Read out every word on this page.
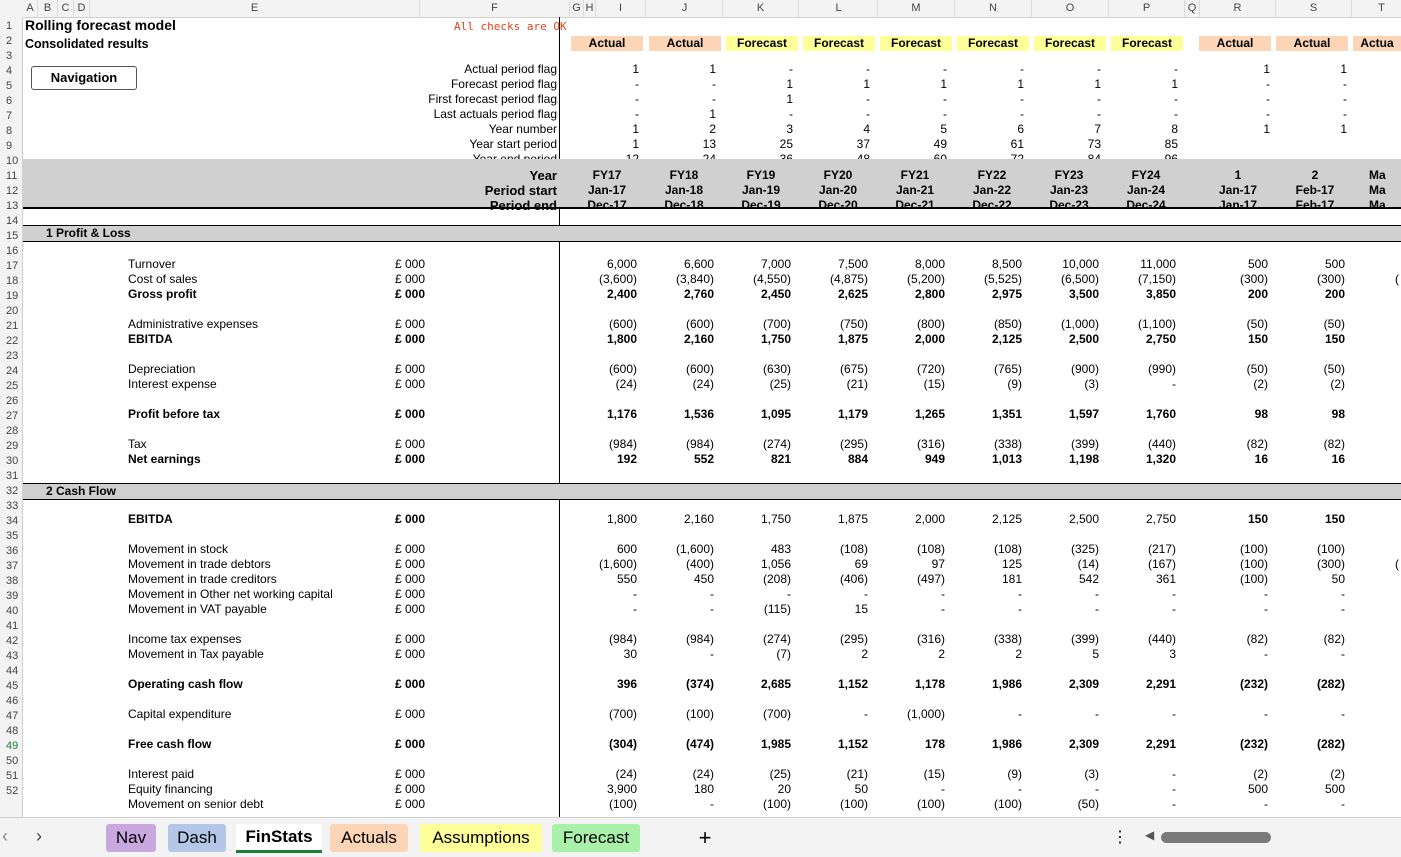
A B C D	E	F	G H	I	J	K	L	M	N	O	P	Q	R	S	T
1
2
3
4
5
6
7
8
9
10
11
12
13
14
15
16
17
18
19
20
21
22
23
24
25
26
27
28
29
30
31
32
33
34
35
36
37
38
39
40
41
42
43
44
45
46
47
48
49
50
51
52
Rolling forecast model
Consolidated results
All checks are OK
Navigation
Actual	Actual	Forecast	Forecast	Forecast	Forecast	Forecast	Forecast	Actual	Actual	Actua
Actual period flag	1	1	-	-	-	-	-	-	1	1
Forecast period flag	-	-	1	1	1	1	1	1	-	-
First forecast period flag	-	-	1	-	-	-	-	-	-	-
Last actuals period flag	-	1	-	-	-	-	-	-	-	-
Year number	1	2	3	4	5	6	7	8	1	1
Year start period	1	13	25	37	49	61	73	85
Year	FY17	FY18	FY19	FY20	FY21	FY22	FY23	FY24	1	2	Ma
Period start	Jan-17	Jan-18	Jan-19	Jan-20	Jan-21	Jan-22	Jan-23	Jan-24	Jan-17	Feb-17	Ma
Period end	Dec-17	Dec-18	Dec-19	Dec-20	Dec-21	Dec-22	Dec-23	Dec-24	Jan-17	Feb-17	Ma
1 Profit & Loss
2 Cash Flow
Turnover	£ 000	6,000	6,600	7,000	7,500	8,000	8,500	10,000	11,000	500	500
Cost of sales	£ 000	(3,600)	(3,840)	(4,550)	(4,875)	(5,200)	(5,525)	(6,500)	(7,150)	(300)	(300)	(
Gross profit	£ 000	2,400	2,760	2,450	2,625	2,800	2,975	3,500	3,850	200	200
Administrative expenses	£ 000	(600)	(600)	(700)	(750)	(800)	(850)	(1,000)	(1,100)	(50)	(50)
EBITDA	£ 000	1,800	2,160	1,750	1,875	2,000	2,125	2,500	2,750	150	150
Depreciation	£ 000	(600)	(600)	(630)	(675)	(720)	(765)	(900)	(990)	(50)	(50)
Interest expense	£ 000	(24)	(24)	(25)	(21)	(15)	(9)	(3)	-	(2)	(2)
Profit before tax	£ 000	1,176	1,536	1,095	1,179	1,265	1,351	1,597	1,760	98	98
Tax	£ 000	(984)	(984)	(274)	(295)	(316)	(338)	(399)	(440)	(82)	(82)
Net earnings	£ 000	192	552	821	884	949	1,013	1,198	1,320	16	16
EBITDA	£ 000	1,800	2,160	1,750	1,875	2,000	2,125	2,500	2,750	150	150
Movement in stock	£ 000	600	(1,600)	483	(108)	(108)	(108)	(325)	(217)	(100)	(100)
Movement in trade debtors	£ 000	(1,600)	(400)	1,056	69	97	125	(14)	(167)	(100)	(300)	(
Movement in trade creditors	£ 000	550	450	(208)	(406)	(497)	181	542	361	(100)	50
Movement in Other net working capital	£ 000	-	-	-	-	-	-	-	-	-	-
Movement in VAT payable	£ 000	-	-	(115)	15	-	-	-	-	-	-
Income tax expenses	£ 000	(984)	(984)	(274)	(295)	(316)	(338)	(399)	(440)	(82)	(82)
Movement in Tax payable	£ 000	30	-	(7)	2	2	2	5	3	-	-
Operating cash flow	£ 000	396	(374)	2,685	1,152	1,178	1,986	2,309	2,291	(232)	(282)
Capital expenditure	£ 000	(700)	(100)	(700)	-	(1,000)	-	-	-	-	-
Free cash flow	£ 000	(304)	(474)	1,985	1,152	178	1,986	2,309	2,291	(232)	(282)
Interest paid	£ 000	(24)	(24)	(25)	(21)	(15)	(9)	(3)	-	(2)	(2)
Equity financing	£ 000	3,900	180	20	50	-	-	-	-	500	500
Movement on senior debt	£ 000	(100)	-	(100)	(100)	(100)	(100)	(50)	-	-	-
‹ ›	Nav	Dash	FinStats	Actuals	Assumptions	Forecast	+	⋮	◀
